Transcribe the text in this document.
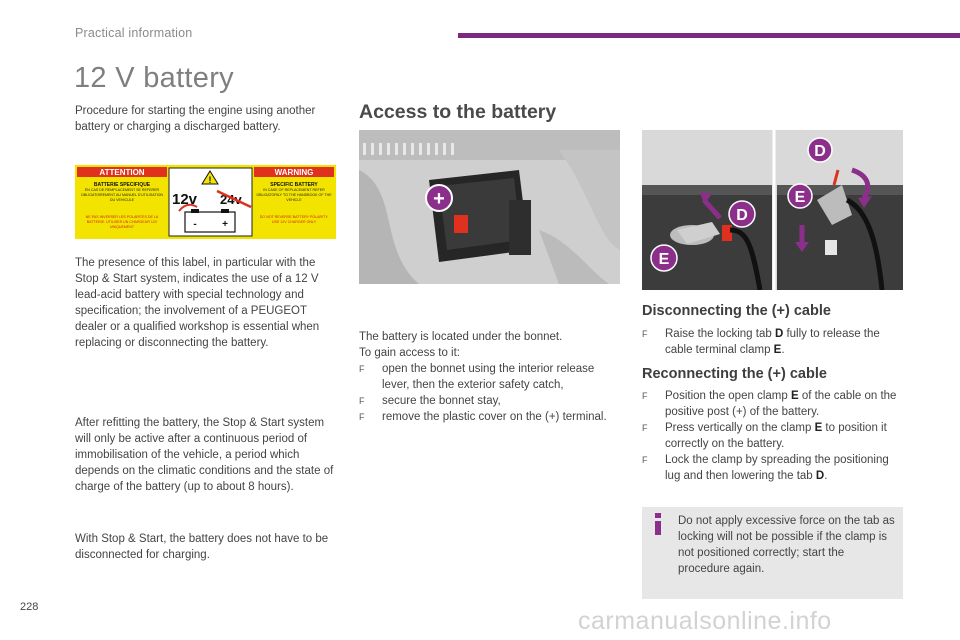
Practical information
12 V battery
Procedure for starting the engine using another battery or charging a discharged battery.
ATTENTION	WARNING
BATTERIE SPECIFIQUE
EN CAS DE REMPLACEMENT SE REFERER OBLIGATOIREMENT AU MANUEL D'UTILISATION DU VEHICULE
NE PAS INVERSER LES POLARITES DE LA BATTERIE. UTILISER UN CHARGEUR 12V UNIQUEMENT
SPECIFIC BATTERY
IN CASE OF REPLACEMENT REFER OBLIGATORILY TO THE HANDBOOK OF THE VEHICLE
DO NOT REVERSE BATTERY POLARITY. USE 12V CHARGER ONLY
!
12v 24v
-	+
The presence of this label, in particular with the Stop & Start system, indicates the use of a 12 V lead-acid battery with special technology and specification; the involvement of a PEUGEOT dealer or a qualified workshop is essential when replacing or disconnecting the battery.
After refitting the battery, the Stop & Start system will only be active after a continuous period of immobilisation of the vehicle, a period which depends on the climatic conditions and the state of charge of the battery (up to about 8 hours).
With Stop & Start, the battery does not have to be disconnected for charging.
Access to the battery
+
The battery is located under the bonnet.
To gain access to it:
F open the bonnet using the interior release lever, then the exterior safety catch,
F secure the bonnet stay,
F remove the plastic cover on the (+) terminal.
D
E
D
E
Disconnecting the (+) cable
F Raise the locking tab D fully to release the cable terminal clamp E.
Reconnecting the (+) cable
F Position the open clamp E of the cable on the positive post (+) of the battery.
F Press vertically on the clamp E to position it correctly on the battery.
F Lock the clamp by spreading the positioning lug and then lowering the tab D.
Do not apply excessive force on the tab as locking will not be possible if the clamp is not positioned correctly; start the procedure again.
228	carmanualsonline.info
